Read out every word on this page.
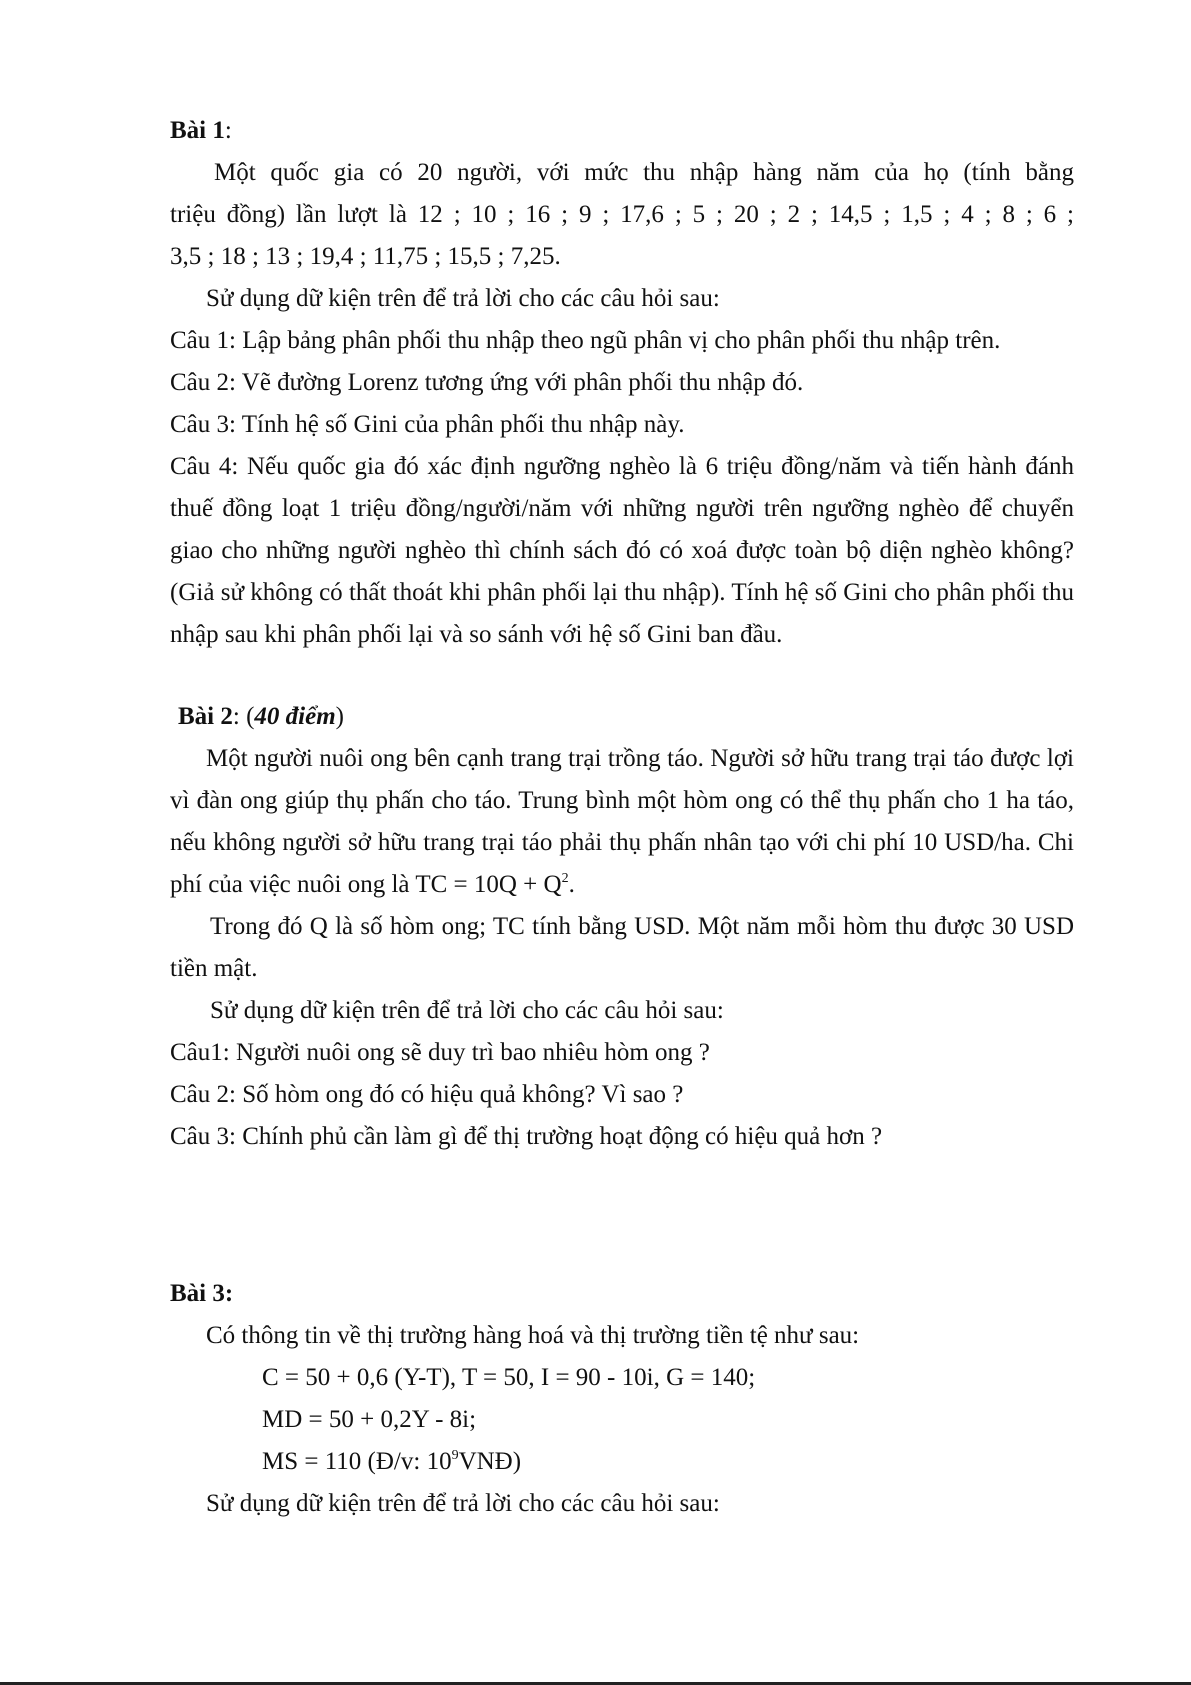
Bài 1:

Một quốc gia có 20 người, với mức thu nhập hàng năm của họ (tính bằng
triệu đồng) lần lượt là 12 ; 10 ; 16 ; 9 ; 17,6 ; 5 ; 20 ; 2 ; 14,5 ; 1,5 ; 4 ; 8 ; 6 ;
3,5 ; 18 ; 13 ; 19,4 ; 11,75 ; 15,5 ; 7,25.

Sử dụng dữ kiện trên để trả lời cho các câu hỏi sau:

Câu 1: Lập bảng phân phối thu nhập theo ngũ phân vị cho phân phối thu nhập trên.

Câu 2: Vẽ đường Lorenz tương ứng với phân phối thu nhập đó.

Câu 3: Tính hệ số Gini của phân phối thu nhập này.

Câu 4: Nếu quốc gia đó xác định ngưỡng nghèo là 6 triệu đồng/năm và tiến hành đánh thuế đồng loạt 1 triệu đồng/người/năm với những người trên ngưỡng nghèo để chuyển giao cho những người nghèo thì chính sách đó có xoá được toàn bộ diện nghèo không? (Giả sử không có thất thoát khi phân phối lại thu nhập). Tính hệ số Gini cho phân phối thu nhập sau khi phân phối lại và so sánh với hệ số Gini ban đầu.

Bài 2: (40 điểm)

Một người nuôi ong bên cạnh trang trại trồng táo. Người sở hữu trang trại táo được lợi vì đàn ong giúp thụ phấn cho táo. Trung bình một hòm ong có thể thụ phấn cho 1 ha táo, nếu không người sở hữu trang trại táo phải thụ phấn nhân tạo với chi phí 10 USD/ha. Chi phí của việc nuôi ong là TC = $10Q + Q^2$.

Trong đó Q là số hòm ong; TC tính bằng USD. Một năm mỗi hòm thu được 30 USD tiền mật.

Sử dụng dữ kiện trên để trả lời cho các câu hỏi sau:

Câu1: Người nuôi ong sẽ duy trì bao nhiêu hòm ong ?

Câu 2: Số hòm ong đó có hiệu quả không? Vì sao ?

Câu 3: Chính phủ cần làm gì để thị trường hoạt động có hiệu quả hơn ?

Bài 3:

Có thông tin về thị trường hàng hoá và thị trường tiền tệ như sau:

C = 50 + 0,6 (Y-T), T = 50, I = 90 - 10i, G = 140;

MD = 50 + 0,2Y - 8i;

MS = 110 (Đ/v: $10^9VNĐ$)

Sử dụng dữ kiện trên để trả lời cho các câu hỏi sau:
